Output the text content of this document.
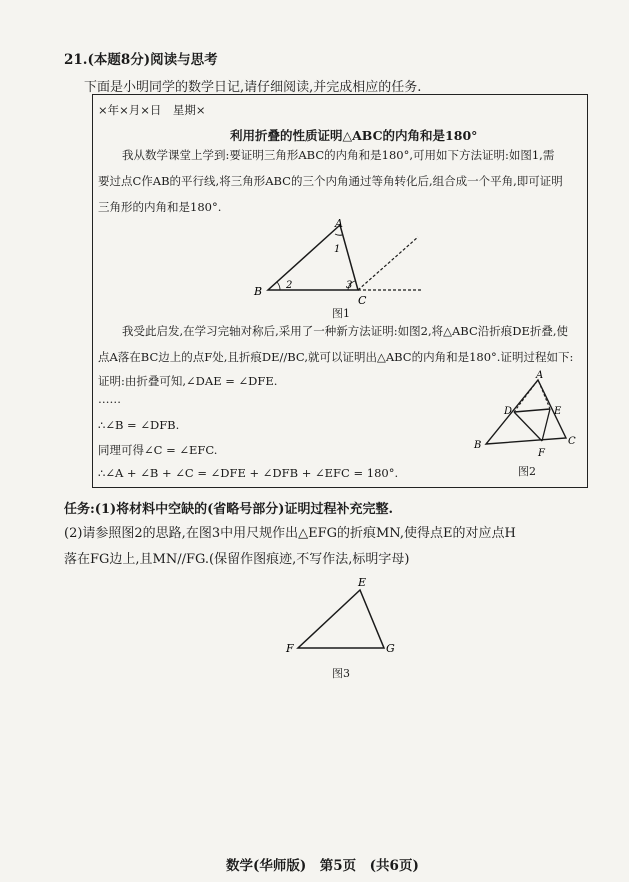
21.(本题8分)阅读与思考
下面是小明同学的数学日记,请仔细阅读,并完成相应的任务.
×年×月×日　星期×
利用折叠的性质证明△ABC的内角和是180°
我从数学课堂上学到:要证明三角形ABC的内角和是180°,可用如下方法证明:如图1,需
要过点C作AB的平行线,将三角形ABC的三个内角通过等角转化后,组合成一个平角,即可证明
三角形的内角和是180°.
A
B
C
1
2	3
图1
我受此启发,在学习完轴对称后,采用了一种新方法证明:如图2,将△ABC沿折痕DE折叠,使
点A落在BC边上的点F处,且折痕DE//BC,就可以证明出△ABC的内角和是180°.证明过程如下:
证明:由折叠可知,∠DAE = ∠DFE.
……
∴∠B = ∠DFB.
同理可得∠C = ∠EFC.
∴∠A + ∠B + ∠C = ∠DFE + ∠DFB + ∠EFC = 180°.
A
B	C
D	E
F
图2
任务:(1)将材料中空缺的(省略号部分)证明过程补充完整.
(2)请参照图2的思路,在图3中用尺规作出△EFG的折痕MN,使得点E的对应点H
落在FG边上,且MN//FG.(保留作图痕迹,不写作法,标明字母)
E
F	G
图3
数学(华师版)　第5页　(共6页)
